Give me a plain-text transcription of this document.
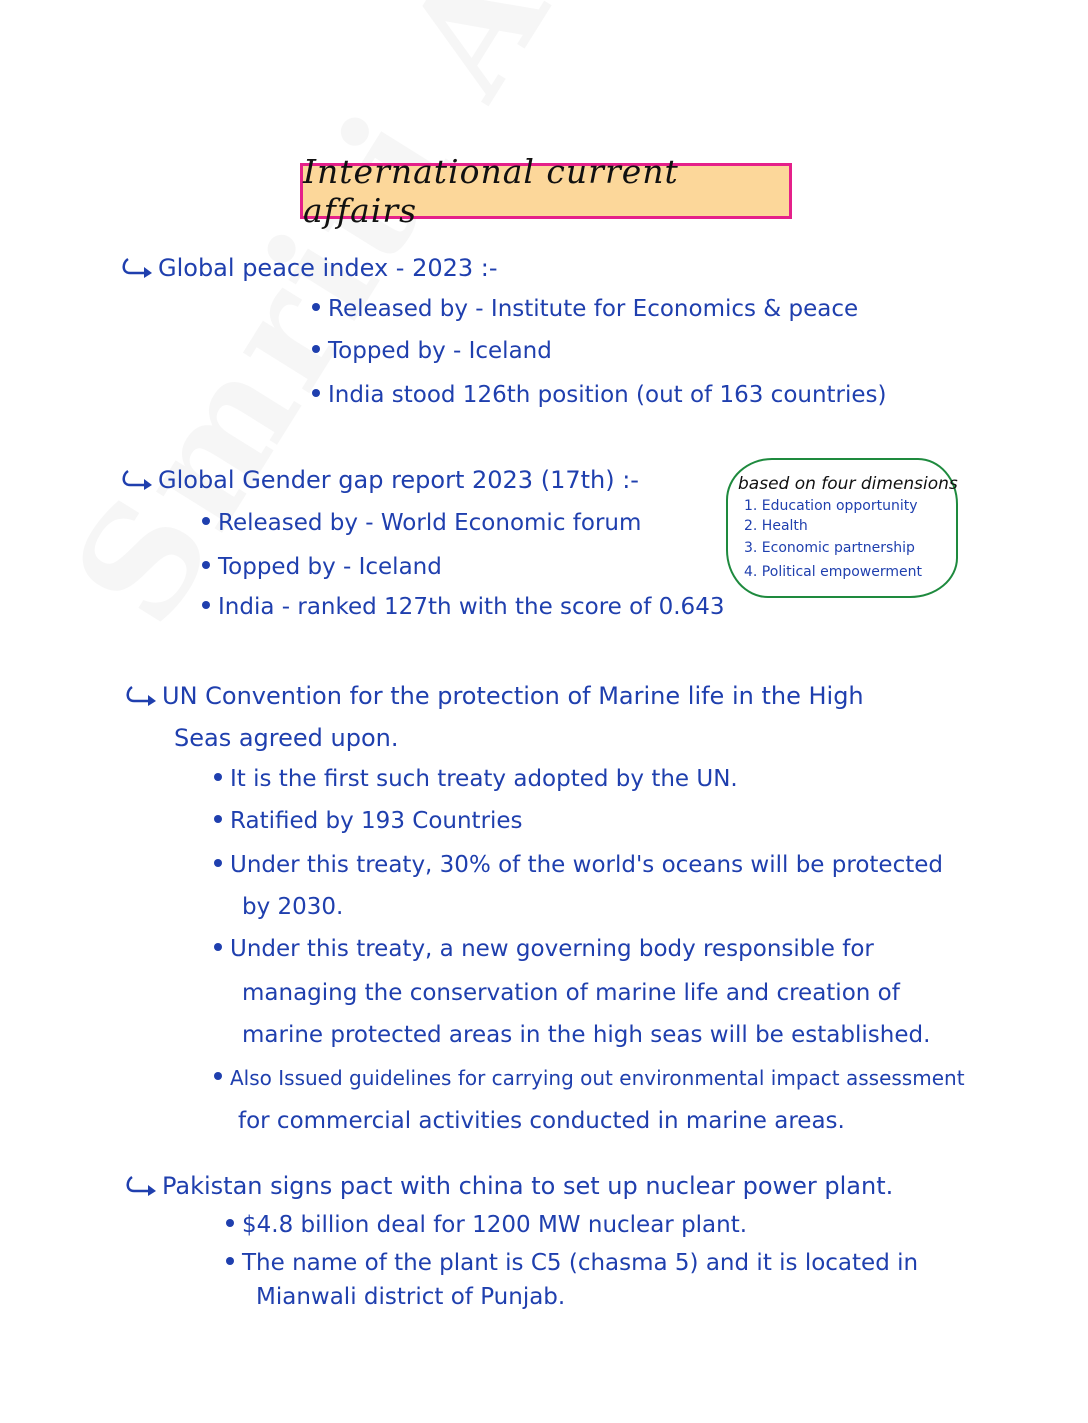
International current affairs
Global peace index - 2023 :-
Released by - Institute for Economics & peace
Topped by - Iceland
India stood 126th position (out of 163 countries)
Global Gender gap report 2023 (17th) :-
Released by - World Economic forum
Topped by - Iceland
India - ranked 127th with the score of 0.643
based on four dimensions
1. Education opportunity
2. Health
3. Economic partnership
4. Political empowerment
UN Convention for the protection of Marine life in the High
Seas agreed upon.
It is the first such treaty adopted by the UN.
Ratified by 193 Countries
Under this treaty, 30% of the world's oceans will be protected
by 2030.
Under this treaty, a new governing body responsible for
managing the conservation of marine life and creation of
marine protected areas in the high seas will be established.
Also Issued guidelines for carrying out environmental impact assessment
for commercial activities conducted in marine areas.
Pakistan signs pact with china to set up nuclear power plant.
$4.8 billion deal for 1200 MW nuclear plant.
The name of the plant is C5 (chasma 5) and it is located in
Mianwali district of Punjab.
